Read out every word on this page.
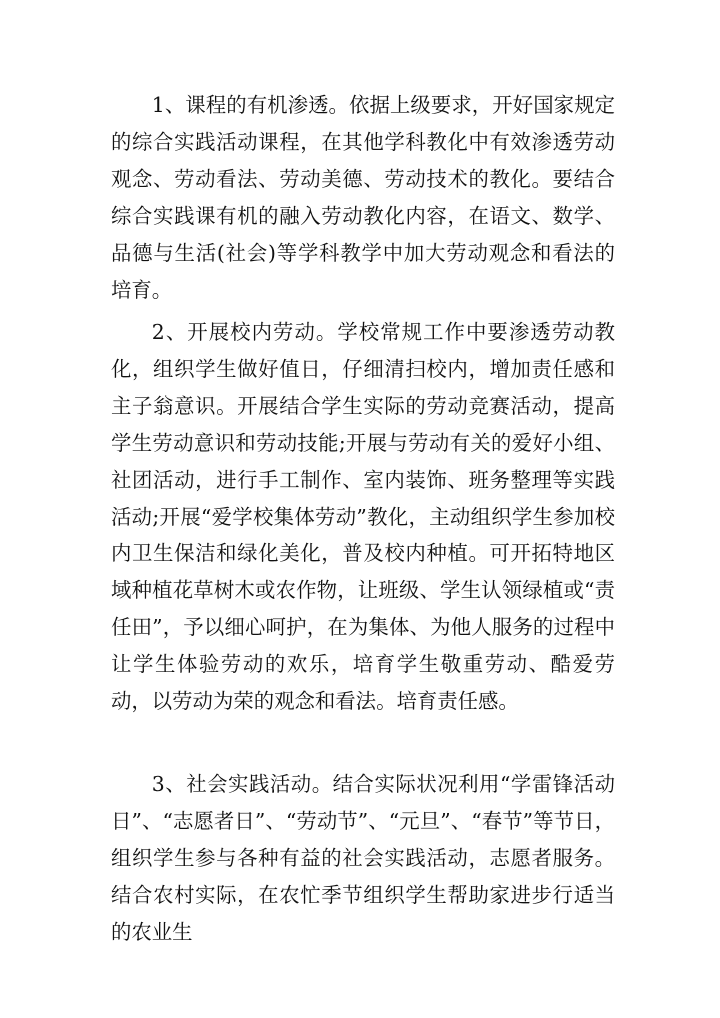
1、课程的有机渗透。依据上级要求，开好国家规定的综合实践活动课程，在其他学科教化中有效渗透劳动观念、劳动看法、劳动美德、劳动技术的教化。要结合综合实践课有机的融入劳动教化内容，在语文、数学、品德与生活(社会)等学科教学中加大劳动观念和看法的培育。

2、开展校内劳动。学校常规工作中要渗透劳动教化，组织学生做好值日，仔细清扫校内，增加责任感和主子翁意识。开展结合学生实际的劳动竞赛活动，提高学生劳动意识和劳动技能;开展与劳动有关的爱好小组、社团活动，进行手工制作、室内装饰、班务整理等实践活动;开展“爱学校集体劳动”教化，主动组织学生参加校内卫生保洁和绿化美化，普及校内种植。可开拓特地区域种植花草树木或农作物，让班级、学生认领绿植或“责任田”，予以细心呵护，在为集体、为他人服务的过程中让学生体验劳动的欢乐，培育学生敬重劳动、酷爱劳动，以劳动为荣的观念和看法。培育责任感。

3、社会实践活动。结合实际状况利用“学雷锋活动日”、“志愿者日”、“劳动节”、“元旦”、“春节”等节日，组织学生参与各种有益的社会实践活动，志愿者服务。结合农村实际，在农忙季节组织学生帮助家进步行适当的农业生
